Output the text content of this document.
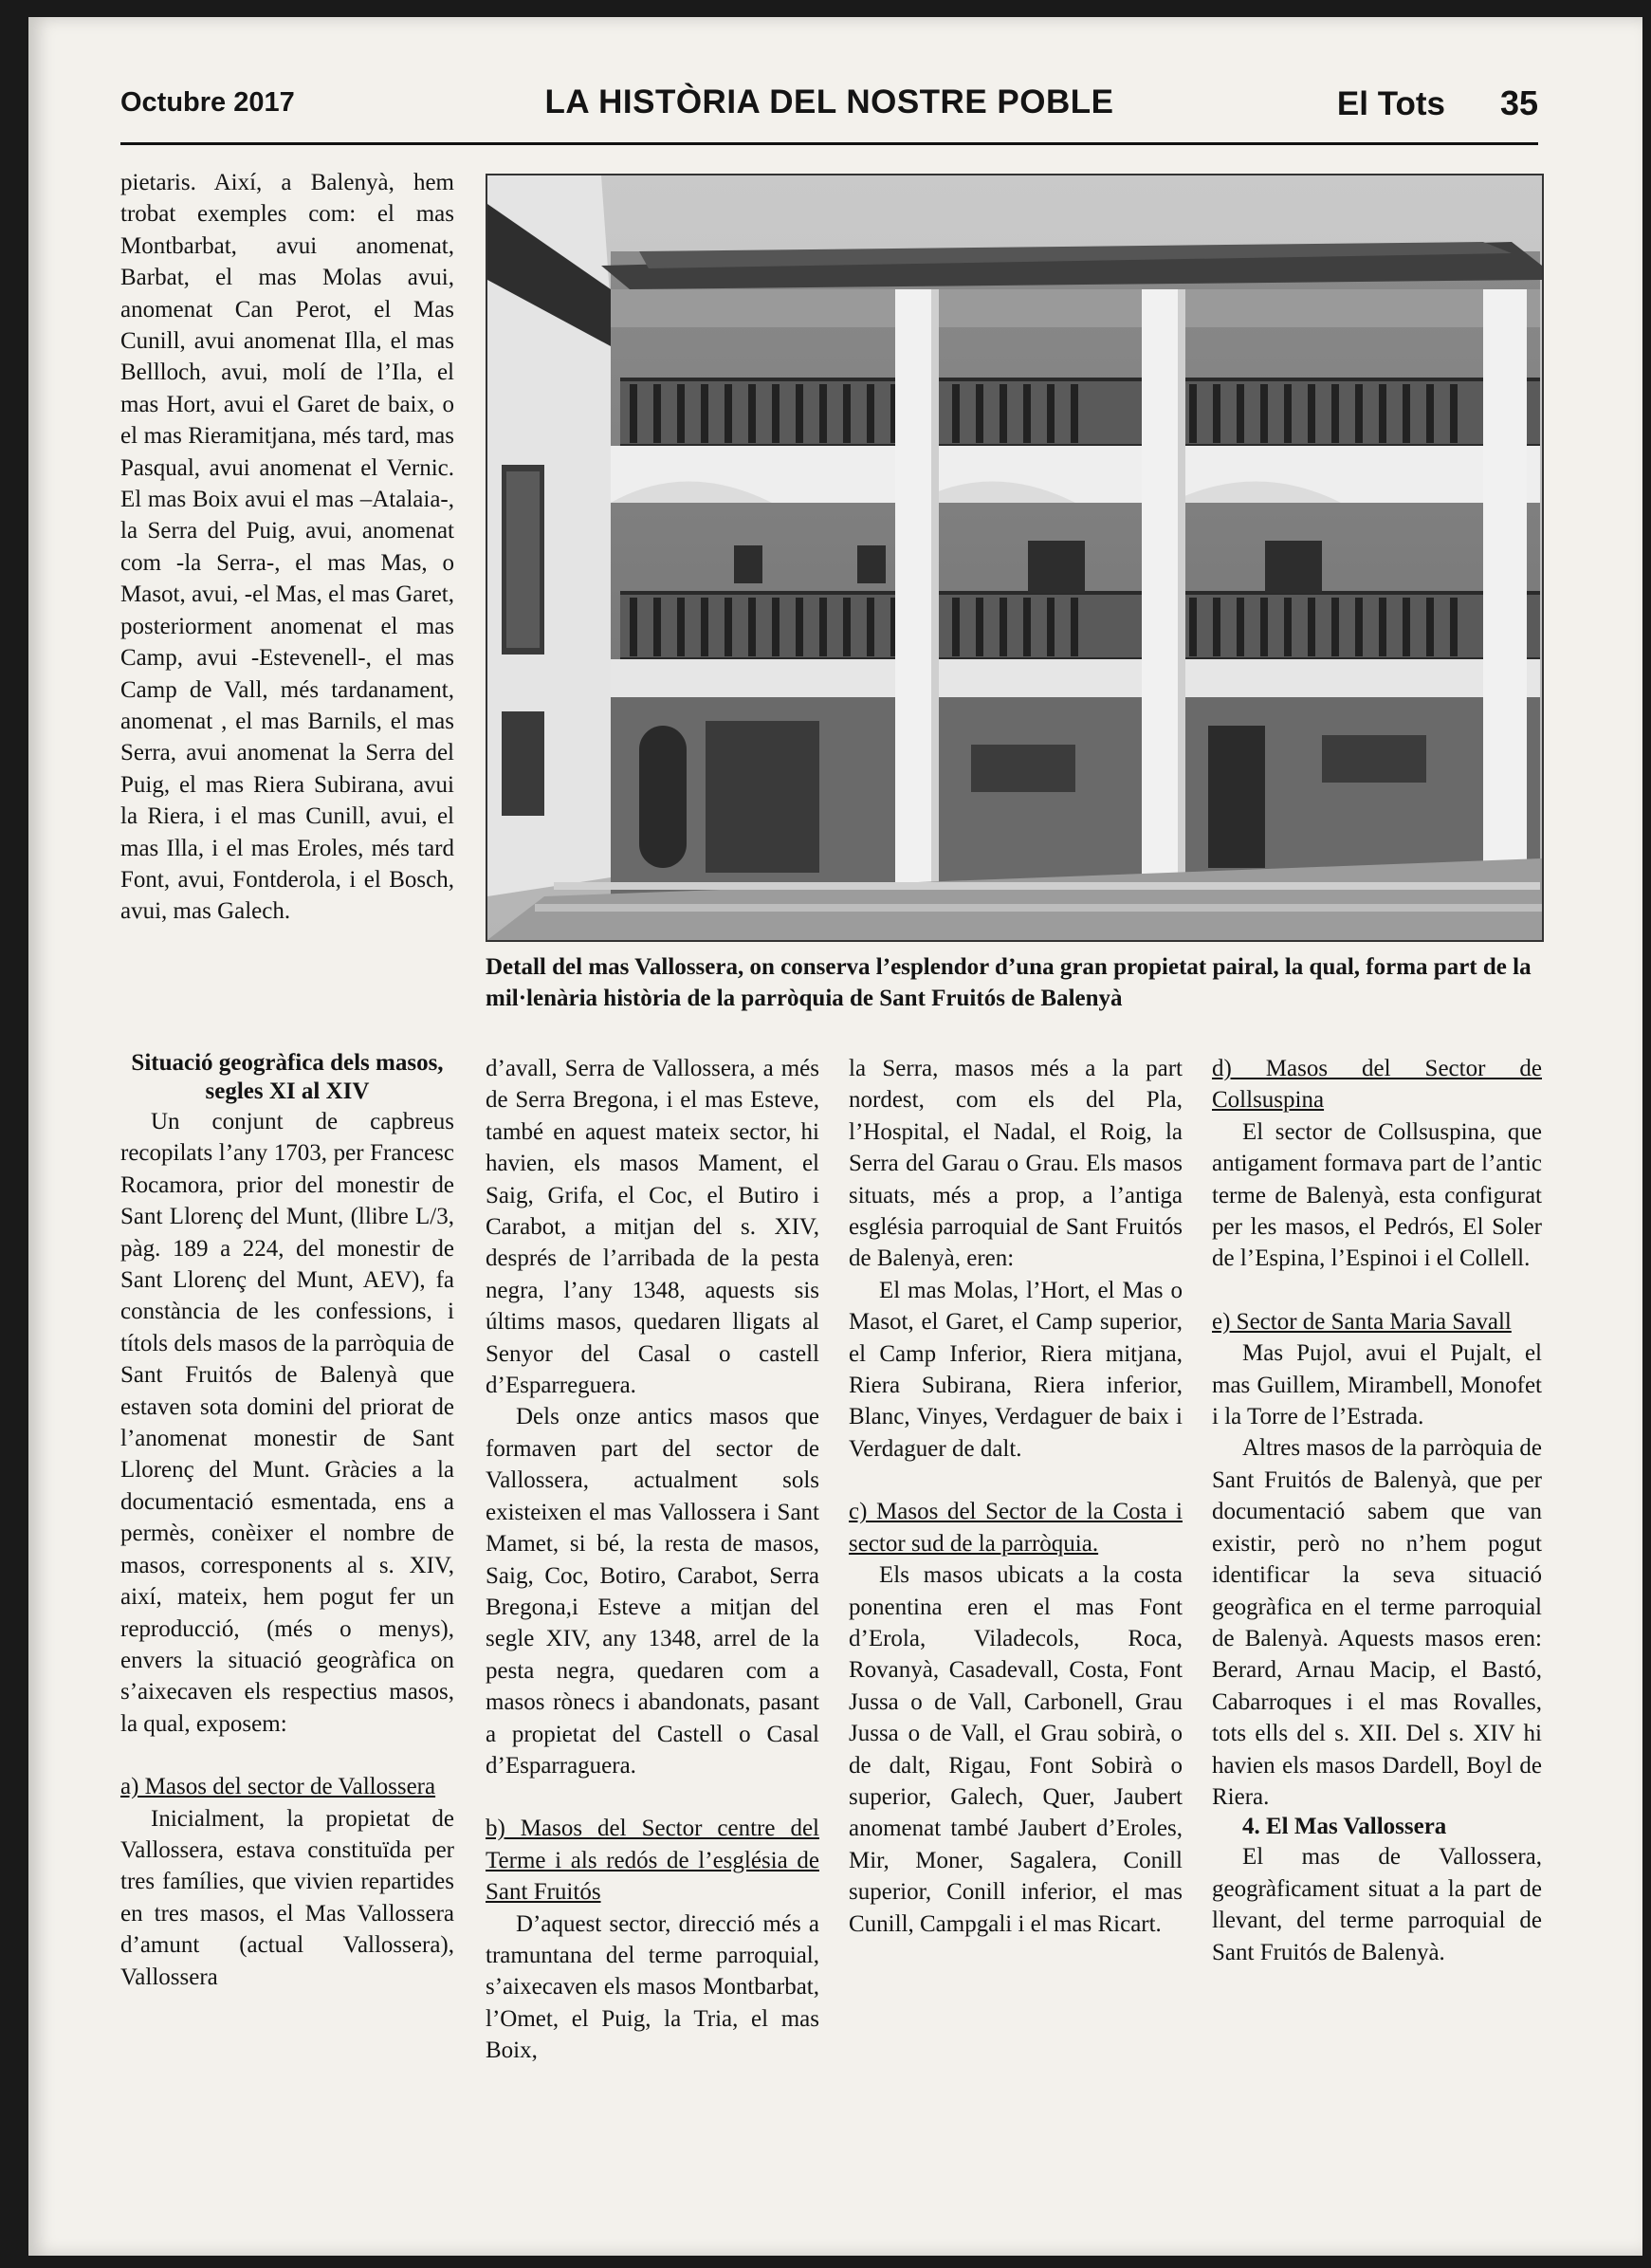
Octubre 2017	LA HISTÒRIA DEL NOSTRE POBLE	El Tots 35

pietaris. Així, a Balenyà, hem trobat exemples com: el mas Montbarbat, avui anomenat, Barbat, el mas Molas avui, anomenat Can Perot, el Mas Cunill, avui anomenat Illa, el mas Bellloch, avui, molí de l’Ila, el mas Hort, avui el Garet de baix, o el mas Rieramitjana, més tard, mas Pasqual, avui anomenat el Vernic. El mas Boix avui el mas –Atalaia-, la Serra del Puig, avui, anomenat com -la Serra-, el mas Mas, o Masot, avui, -el Mas, el mas Garet, posteriorment anomenat el mas Camp, avui -Estevenell-, el mas Camp de Vall, més tardanament, anomenat , el mas Barnils, el mas Serra, avui anomenat la Serra del Puig, el mas Riera Subirana, avui la Riera, i el mas Cunill, avui, el mas Illa, i el mas Eroles, més tard Font, avui, Fontderola, i el Bosch, avui, mas Galech.

Detall del mas Vallossera, on conserva l’esplendor d’una gran propietat pairal, la qual, forma part de la mil·lenària història de la parròquia de Sant Fruitós de Balenyà
Situació geogràfica dels masos, segles XI al XIV

Un conjunt de capbreus recopilats l’any 1703, per Francesc Rocamora, prior del monestir de Sant Llorenç del Munt, (llibre L/3, pàg. 189 a 224, del monestir de Sant Llorenç del Munt, AEV), fa constància de les confessions, i títols dels masos de la parròquia de Sant Fruitós de Balenyà que estaven sota domini del priorat de l’anomenat monestir de Sant Llorenç del Munt. Gràcies a la documentació esmentada, ens a permès, conèixer el nombre de masos, corresponents al s. XIV, així, mateix, hem pogut fer un reproducció, (més o menys), envers la situació geogràfica on s’aixecaven els respectius masos, la qual, exposem:

a) Masos del sector de Vallossera

Inicialment, la propietat de Vallossera, estava constituïda per tres famílies, que vivien repartides en tres masos, el Mas Vallossera d’amunt (actual Vallossera), Vallossera

d’avall, Serra de Vallossera, a més de Serra Bregona, i el mas Esteve, també en aquest mateix sector, hi havien, els masos Mament, el Saig, Grifa, el Coc, el Butiro i Carabot, a mitjan del s. XIV, després de l’arribada de la pesta negra, l’any 1348, aquests sis últims masos, quedaren lligats al Senyor del Casal o castell d’Esparreguera.

Dels onze antics masos que formaven part del sector de Vallossera, actualment sols existeixen el mas Vallossera i Sant Mamet, si bé, la resta de masos, Saig, Coc, Botiro, Carabot, Serra Bregona,i Esteve a mitjan del segle XIV, any 1348, arrel de la pesta negra, quedaren com a masos rònecs i abandonats, pasant a propietat del Castell o Casal d’Esparraguera.

b) Masos del Sector centre del Terme i als redós de l’església de Sant Fruitós

D’aquest sector, direcció més a tramuntana del terme parroquial, s’aixecaven els masos Montbarbat, l’Omet, el Puig, la Tria, el mas Boix,

la Serra, masos més a la part nordest, com els del Pla, l’Hospital, el Nadal, el Roig, la Serra del Garau o Grau. Els masos situats, més a prop, a l’antiga església parroquial de Sant Fruitós de Balenyà, eren:

El mas Molas, l’Hort, el Mas o Masot, el Garet, el Camp superior, el Camp Inferior, Riera mitjana, Riera Subirana, Riera inferior, Blanc, Vinyes, Verdaguer de baix i Verdaguer de dalt.

c) Masos del Sector de la Costa i sector sud de la parròquia.

Els masos ubicats a la costa ponentina eren el mas Font d’Erola, Viladecols, Roca, Rovanyà, Casadevall, Costa, Font Jussa o de Vall, Carbonell, Grau Jussa o de Vall, el Grau sobirà, o de dalt, Rigau, Font Sobirà o superior, Galech, Quer, Jaubert anomenat també Jaubert d’Eroles, Mir, Moner, Sagalera, Conill superior, Conill inferior, el mas Cunill, Campgali i el mas Ricart.

d) Masos del Sector de Collsuspina

El sector de Collsuspina, que antigament formava part de l’antic terme de Balenyà, esta configurat per les masos, el Pedrós, El Soler de l’Espina, l’Espinoi i el Collell.

e) Sector de Santa Maria Savall

Mas Pujol, avui el Pujalt, el mas Guillem, Mirambell, Monofet i la Torre de l’Estrada.

Altres masos de la parròquia de Sant Fruitós de Balenyà, que per documentació sabem que van existir, però no n’hem pogut identificar la seva situació geogràfica en el terme parroquial de Balenyà. Aquests masos eren: Berard, Arnau Macip, el Bastó, Cabarroques i el mas Rovalles, tots ells del s. XII. Del s. XIV hi havien els masos Dardell, Boyl de Riera.

4. El Mas Vallossera

El mas de Vallossera, geogràficament situat a la part de llevant, del terme parroquial de Sant Fruitós de Balenyà.
